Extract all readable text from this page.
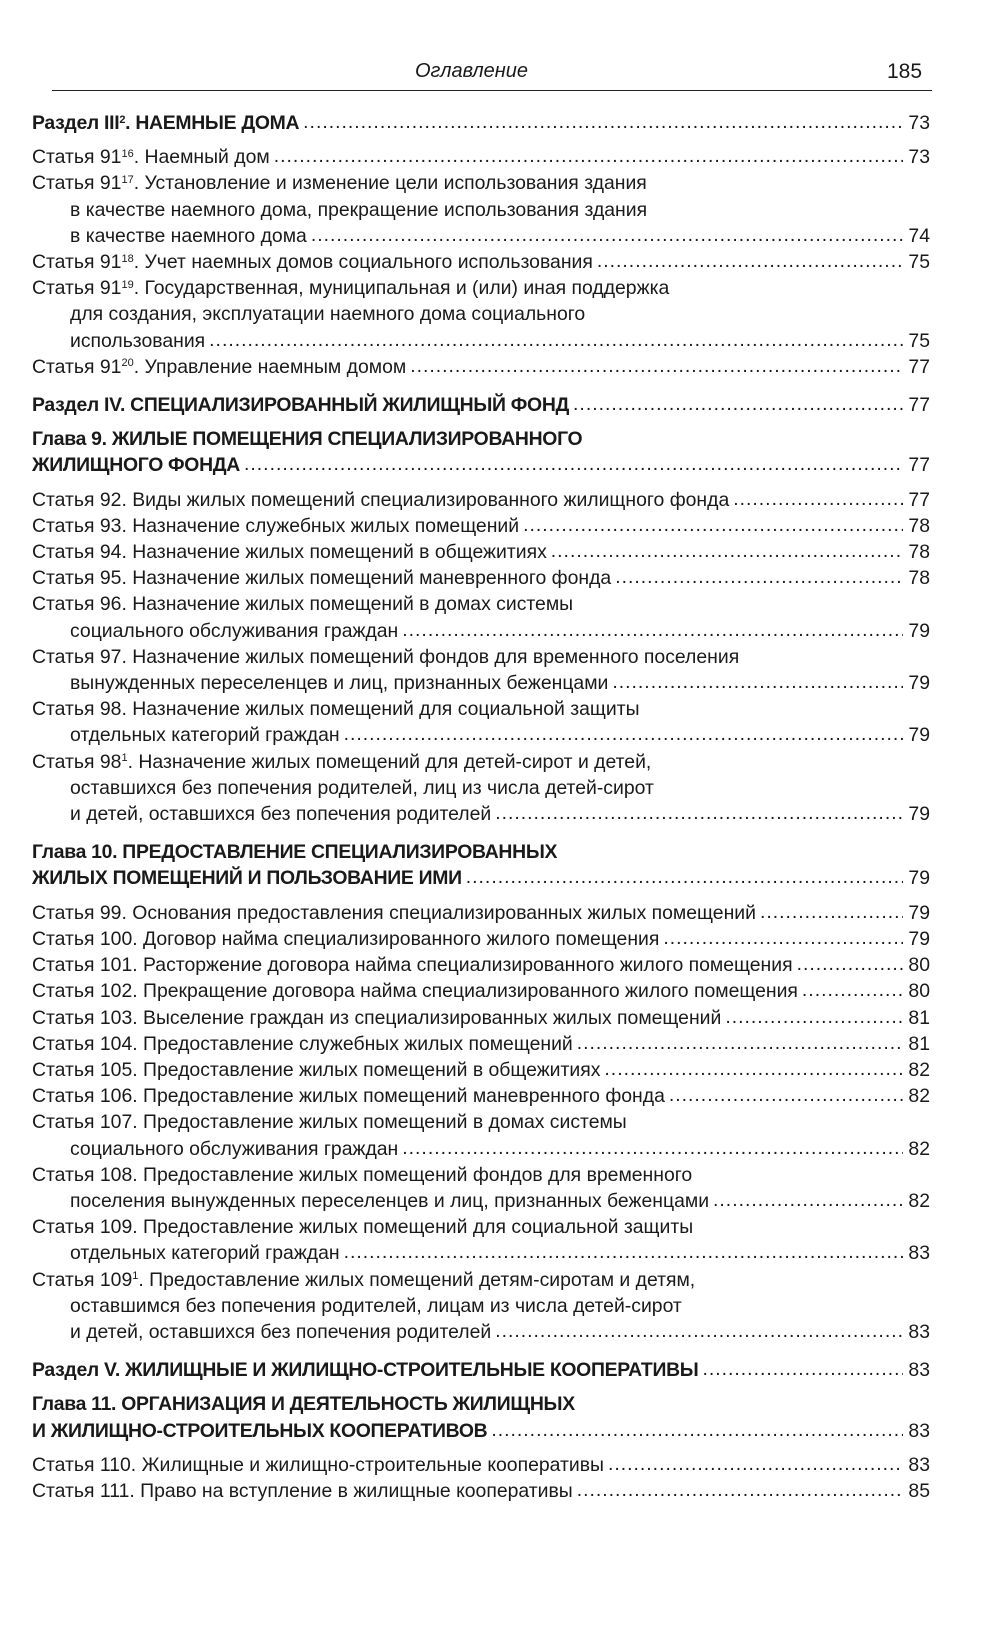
Оглавление	185
Раздел III$^2$. НАЕМНЫЕ ДОМА .....	73
Статья $91^{16}$. Наемный дом .....	73
Статья $91^{17}$. Установление и изменение цели использования здания
в качестве наемного дома, прекращение использования здания
в качестве наемного дома .....	74
Статья $91^{18}$. Учет наемных домов социального использования .....	75
Статья $91^{19}$. Государственная, муниципальная и (или) иная поддержка
для создания, эксплуатации наемного дома социального
использования .....	75
Статья $91^{20}$. Управление наемным домом .....	77
Раздел IV. СПЕЦИАЛИЗИРОВАННЫЙ ЖИЛИЩНЫЙ ФОНД .....	77
Глава 9. ЖИЛЫЕ ПОМЕЩЕНИЯ СПЕЦИАЛИЗИРОВАННОГО
ЖИЛИЩНОГО ФОНДА .....	77
Статья 92. Виды жилых помещений специализированного жилищного фонда .....	77
Статья 93. Назначение служебных жилых помещений .....	78
Статья 94. Назначение жилых помещений в общежитиях .....	78
Статья 95. Назначение жилых помещений маневренного фонда .....	78
Статья 96. Назначение жилых помещений в домах системы
социального обслуживания граждан .....	79
Статья 97. Назначение жилых помещений фондов для временного поселения
вынужденных переселенцев и лиц, признанных беженцами .....	79
Статья 98. Назначение жилых помещений для социальной защиты
отдельных категорий граждан .....	79
Статья $98^1$. Назначение жилых помещений для детей-сирот и детей,
оставшихся без попечения родителей, лиц из числа детей-сирот
и детей, оставшихся без попечения родителей .....	79
Глава 10. ПРЕДОСТАВЛЕНИЕ СПЕЦИАЛИЗИРОВАННЫХ
ЖИЛЫХ ПОМЕЩЕНИЙ И ПОЛЬЗОВАНИЕ ИМИ .....	79
Статья 99. Основания предоставления специализированных жилых помещений .....	79
Статья 100. Договор найма специализированного жилого помещения .....	79
Статья 101. Расторжение договора найма специализированного жилого помещения .....	80
Статья 102. Прекращение договора найма специализированного жилого помещения .....	80
Статья 103. Выселение граждан из специализированных жилых помещений .....	81
Статья 104. Предоставление служебных жилых помещений .....	81
Статья 105. Предоставление жилых помещений в общежитиях .....	82
Статья 106. Предоставление жилых помещений маневренного фонда .....	82
Статья 107. Предоставление жилых помещений в домах системы
социального обслуживания граждан .....	82
Статья 108. Предоставление жилых помещений фондов для временного
поселения вынужденных переселенцев и лиц, признанных беженцами .....	82
Статья 109. Предоставление жилых помещений для социальной защиты
отдельных категорий граждан .....	83
Статья $109^1$. Предоставление жилых помещений детям-сиротам и детям,
оставшимся без попечения родителей, лицам из числа детей-сирот
и детей, оставшихся без попечения родителей .....	83
Раздел V. ЖИЛИЩНЫЕ И ЖИЛИЩНО-СТРОИТЕЛЬНЫЕ КООПЕРАТИВЫ .....	83
Глава 11. ОРГАНИЗАЦИЯ И ДЕЯТЕЛЬНОСТЬ ЖИЛИЩНЫХ
И ЖИЛИЩНО-СТРОИТЕЛЬНЫХ КООПЕРАТИВОВ .....	83
Статья 110. Жилищные и жилищно-строительные кооперативы .....	83
Статья 111. Право на вступление в жилищные кооперативы .....	85
